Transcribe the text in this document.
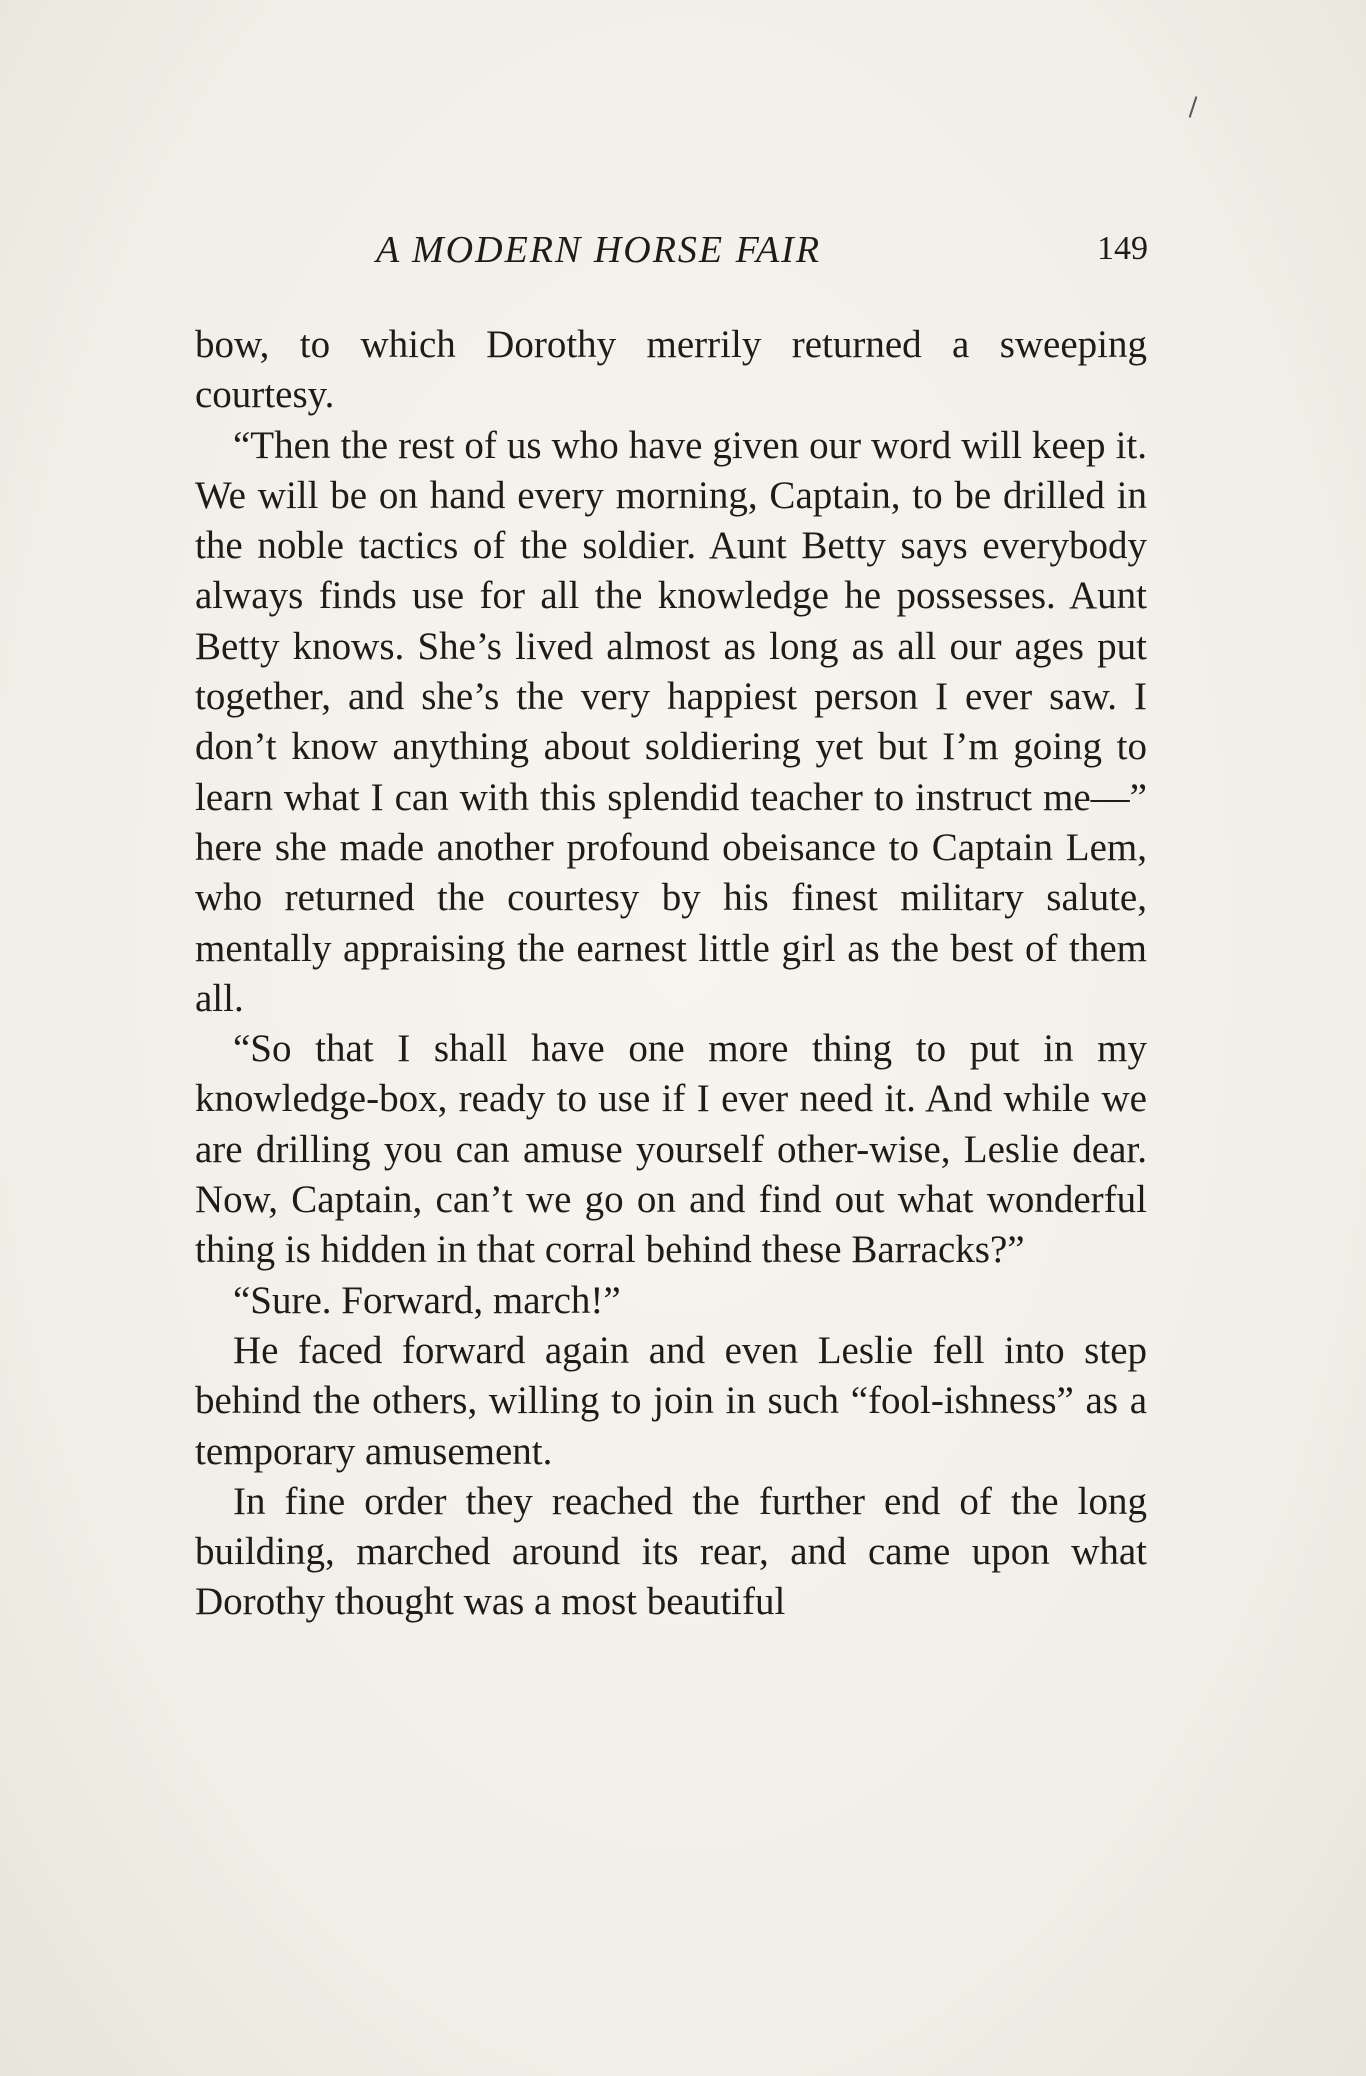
A MODERN HORSE FAIR	149

bow, to which Dorothy merrily returned a sweeping courtesy.

“Then the rest of us who have given our word will keep it. We will be on hand every morning, Captain, to be drilled in the noble tactics of the soldier. Aunt Betty says everybody always finds use for all the knowledge he possesses. Aunt Betty knows. She’s lived almost as long as all our ages put together, and she’s the very happiest person I ever saw. I don’t know anything about soldiering yet but I’m going to learn what I can with this splendid teacher to instruct me—” here she made another profound obeisance to Captain Lem, who returned the courtesy by his finest military salute, mentally appraising the earnest little girl as the best of them all.

“So that I shall have one more thing to put in my knowledge-box, ready to use if I ever need it. And while we are drilling you can amuse yourself other-wise, Leslie dear. Now, Captain, can’t we go on and find out what wonderful thing is hidden in that corral behind these Barracks?”

“Sure. Forward, march!”

He faced forward again and even Leslie fell into step behind the others, willing to join in such “fool-ishness” as a temporary amusement.

In fine order they reached the further end of the long building, marched around its rear, and came upon what Dorothy thought was a most beautiful
